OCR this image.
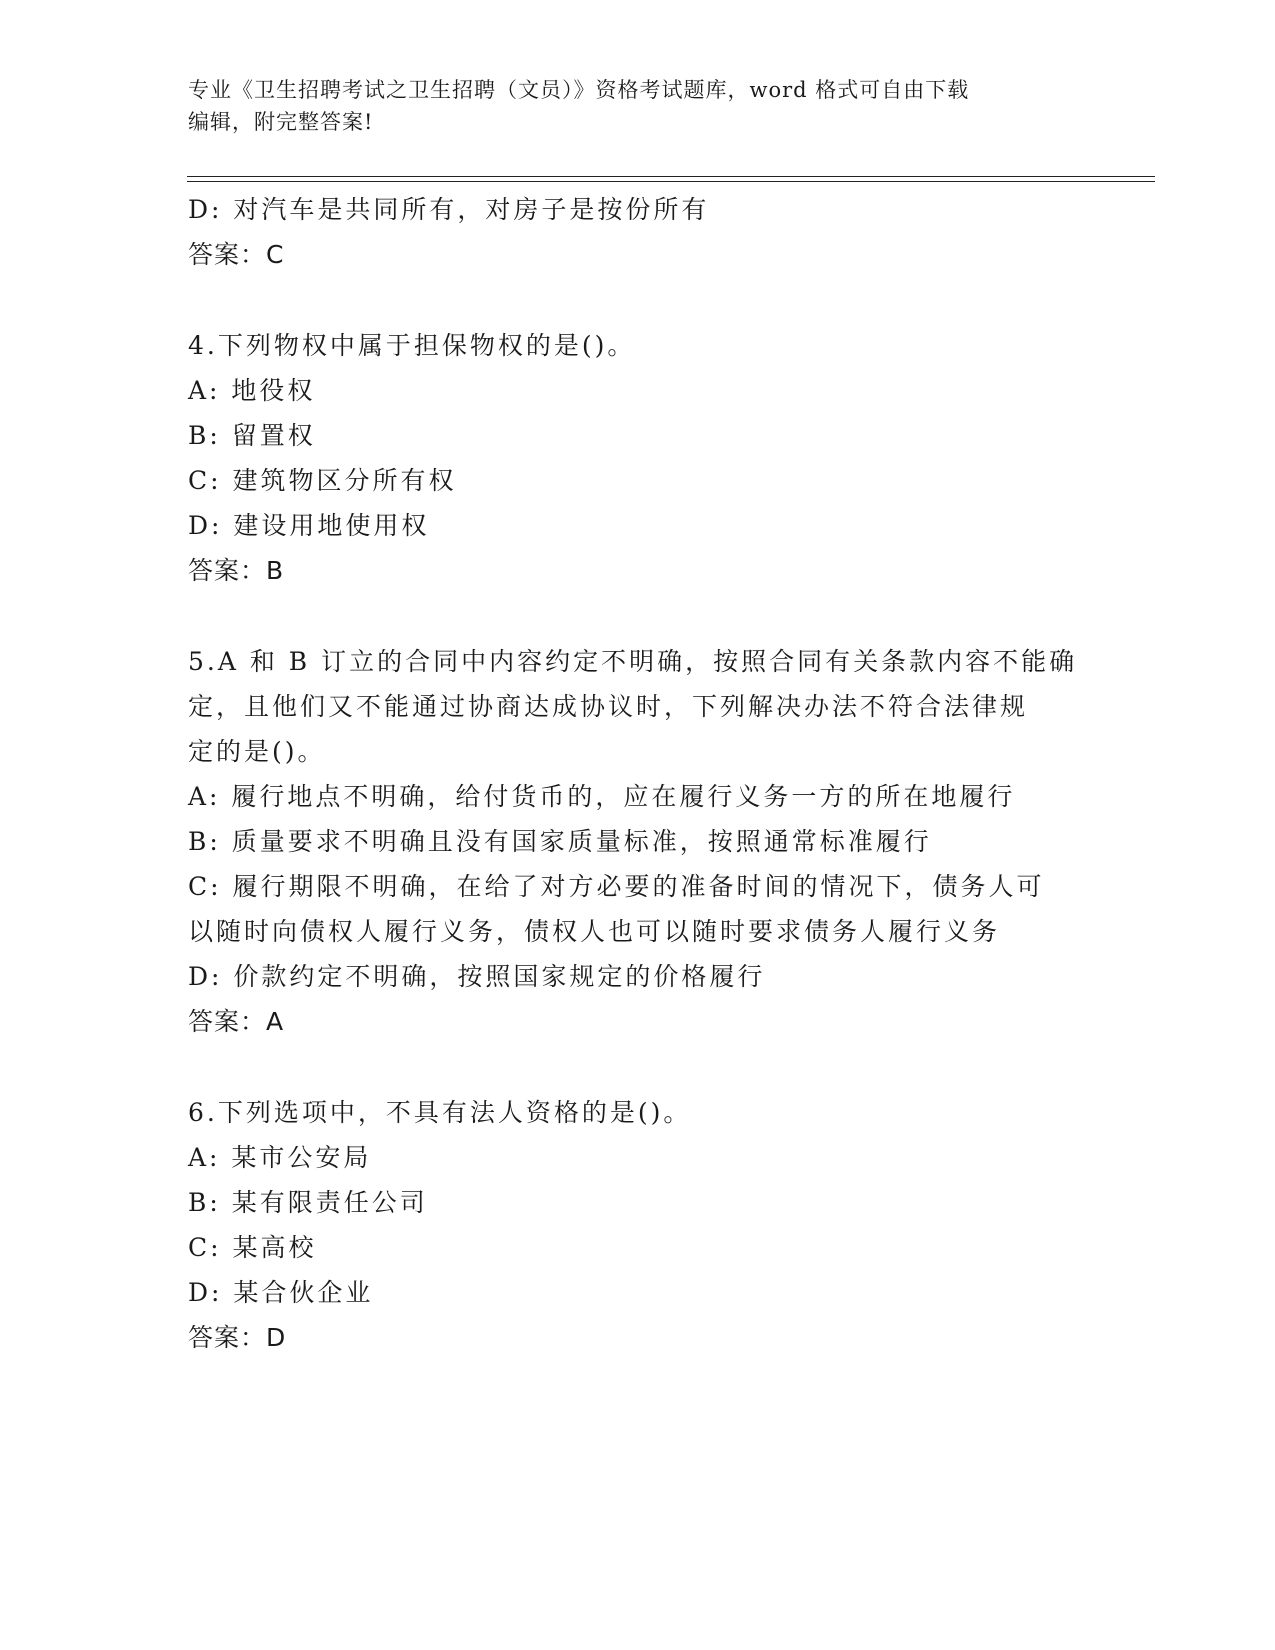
专业《卫生招聘考试之卫生招聘（文员）》资格考试题库，word 格式可自由下载
编辑，附完整答案!
D: 对汽车是共同所有，对房子是按份所有
答案：C
4.下列物权中属于担保物权的是()。
A: 地役权
B: 留置权
C: 建筑物区分所有权
D: 建设用地使用权
答案：B
5.A 和 B 订立的合同中内容约定不明确，按照合同有关条款内容不能确
定，且他们又不能通过协商达成协议时，下列解决办法不符合法律规
定的是()。
A: 履行地点不明确，给付货币的，应在履行义务一方的所在地履行
B: 质量要求不明确且没有国家质量标准，按照通常标准履行
C: 履行期限不明确，在给了对方必要的准备时间的情况下，债务人可
以随时向债权人履行义务，债权人也可以随时要求债务人履行义务
D: 价款约定不明确，按照国家规定的价格履行
答案：A
6.下列选项中，不具有法人资格的是()。
A: 某市公安局
B: 某有限责任公司
C: 某高校
D: 某合伙企业
答案：D
